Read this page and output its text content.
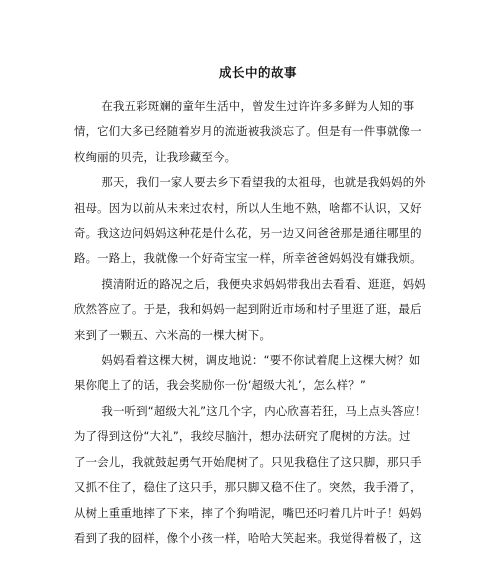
成长中的故事

在我五彩斑斓的童年生活中，曾发生过许许多多鲜为人知的事
情，它们大多已经随着岁月的流逝被我淡忘了。但是有一件事就像一
枚绚丽的贝壳，让我珍藏至今。

那天，我们一家人要去乡下看望我的太祖母，也就是我妈妈的外
祖母。因为以前从未来过农村，所以人生地不熟，啥都不认识，又好
奇。我这边问妈妈这种花是什么花，另一边又问爸爸那是通往哪里的
路。一路上，我就像一个好奇宝宝一样，所幸爸爸妈妈没有嫌我烦。

摸清附近的路况之后，我便央求妈妈带我出去看看、逛逛，妈妈
欣然答应了。于是，我和妈妈一起到附近市场和村子里逛了逛，最后
来到了一颗五、六米高的一棵大树下。

妈妈看着这棵大树，调皮地说：“要不你试着爬上这棵大树？如
果你爬上了的话，我会奖励你一份‘超级大礼’，怎么样？”

我一听到“超级大礼”这几个字，内心欣喜若狂，马上点头答应！
为了得到这份“大礼”，我绞尽脑汁，想办法研究了爬树的方法。过
了一会儿，我就鼓起勇气开始爬树了。只见我稳住了这只脚，那只手
又抓不住了，稳住了这只手，那只脚又稳不住了。突然，我手滑了，
从树上重重地摔了下来，摔了个狗啃泥，嘴巴还叼着几片叶子！妈妈
看到了我的囧样，像个小孩一样，哈哈大笑起来。我觉得着极了，这
